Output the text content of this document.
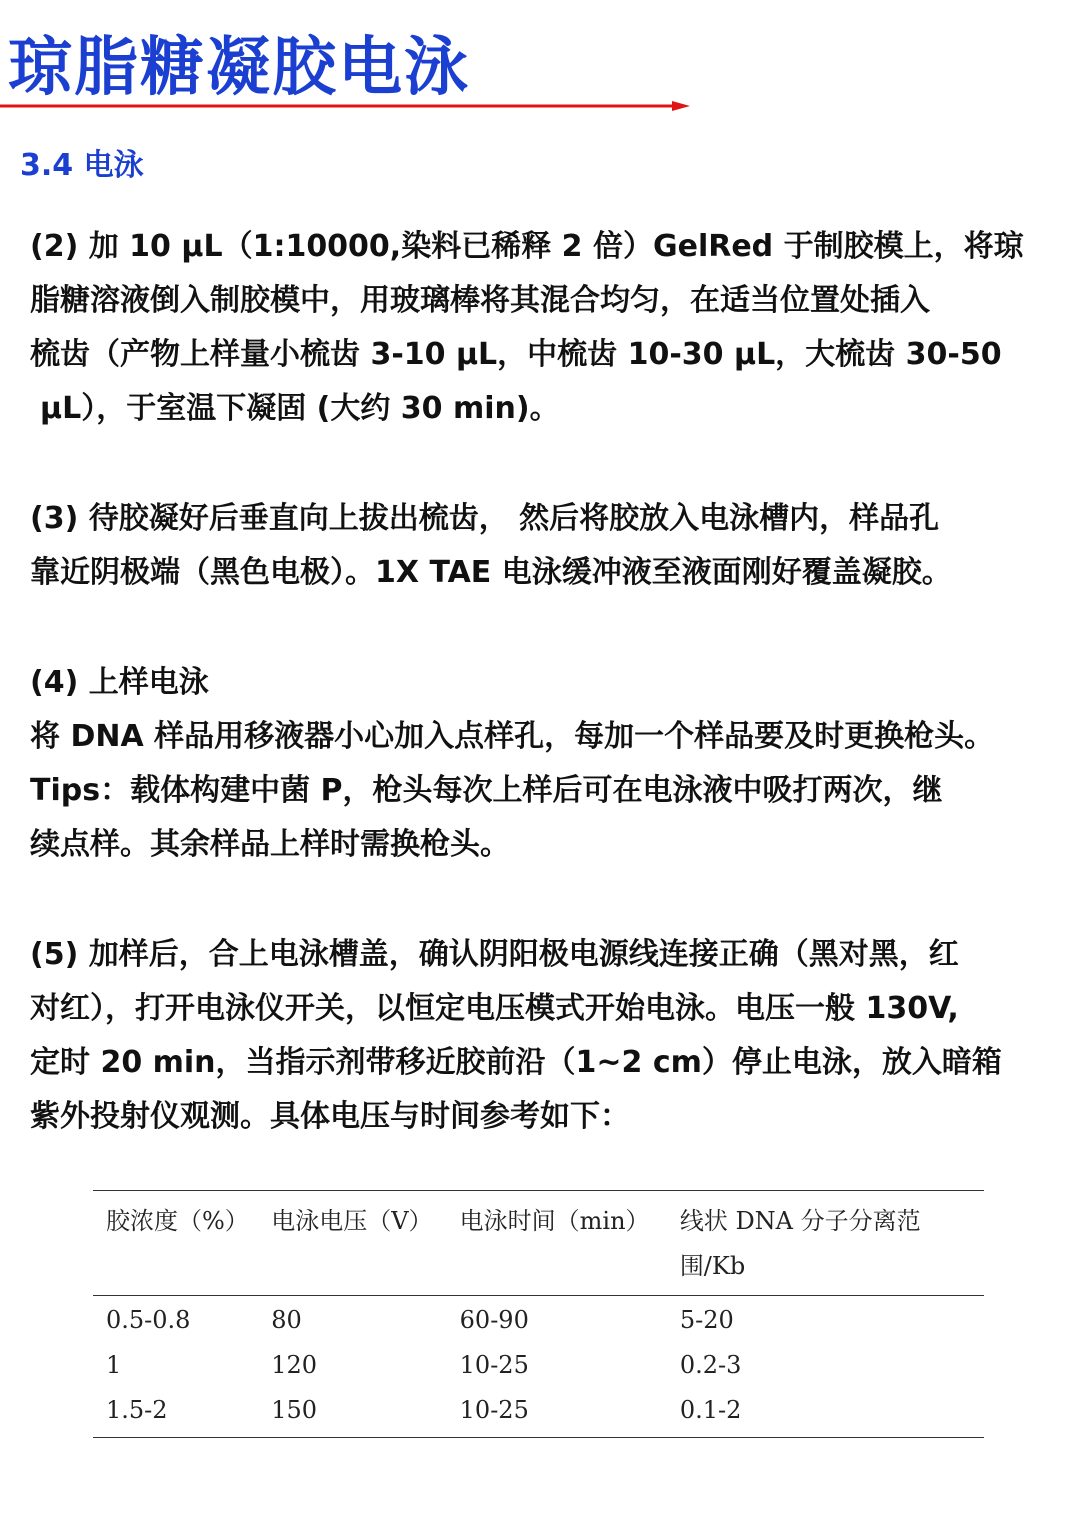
琼脂糖凝胶电泳
3.4 电泳
(2) 加 10 μL（1:10000,染料已稀释 2 倍）GelRed 于制胶模上，将琼
脂糖溶液倒入制胶模中，用玻璃棒将其混合均匀，在适当位置处插入
梳齿（产物上样量小梳齿 3-10 μL，中梳齿 10-30 μL，大梳齿 30-50
μL），于室温下凝固 (大约 30 min)。
(3) 待胶凝好后垂直向上拔出梳齿， 然后将胶放入电泳槽内，样品孔
靠近阴极端（黑色电极）。1X TAE 电泳缓冲液至液面刚好覆盖凝胶。
(4) 上样电泳
将 DNA 样品用移液器小心加入点样孔，每加一个样品要及时更换枪头。
Tips：载体构建中菌 P，枪头每次上样后可在电泳液中吸打两次，继
续点样。其余样品上样时需换枪头。
(5) 加样后，合上电泳槽盖，确认阴阳极电源线连接正确（黑对黑，红
对红），打开电泳仪开关，以恒定电压模式开始电泳。电压一般 130V,
定时 20 min，当指示剂带移近胶前沿（1~2 cm）停止电泳，放入暗箱
紫外投射仪观测。具体电压与时间参考如下：
胶浓度（%）	电泳电压（V）	电泳时间（min）	线状 DNA 分子分离范围/Kb
0.5-0.8	80	60-90	5-20
1	120	10-25	0.2-3
1.5-2	150	10-25	0.1-2
